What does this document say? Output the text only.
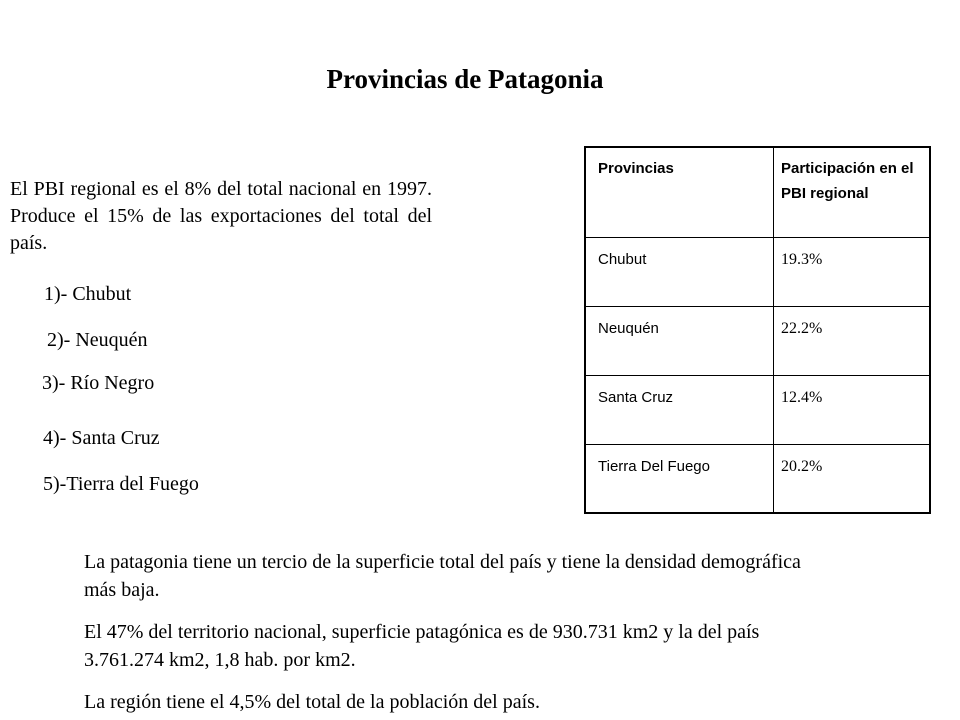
Provincias de Patagonia
El PBI regional es el 8% del total nacional en 1997. Produce el 15% de las exportaciones del total del país.
1)- Chubut
2)- Neuquén
3)- Río Negro
4)- Santa Cruz
5)-Tierra del Fuego
Provincias	Participación en el PBI regional
Chubut	19.3%
Neuquén	22.2%
Santa Cruz	12.4%
Tierra Del Fuego	20.2%
La patagonia tiene un tercio de la superficie total del país y tiene la densidad demográfica más baja.
El 47% del territorio nacional, superficie patagónica es de 930.731 km2 y la del país 3.761.274 km2, 1,8 hab. por km2.
La región tiene el 4,5% del total de la población del país.
